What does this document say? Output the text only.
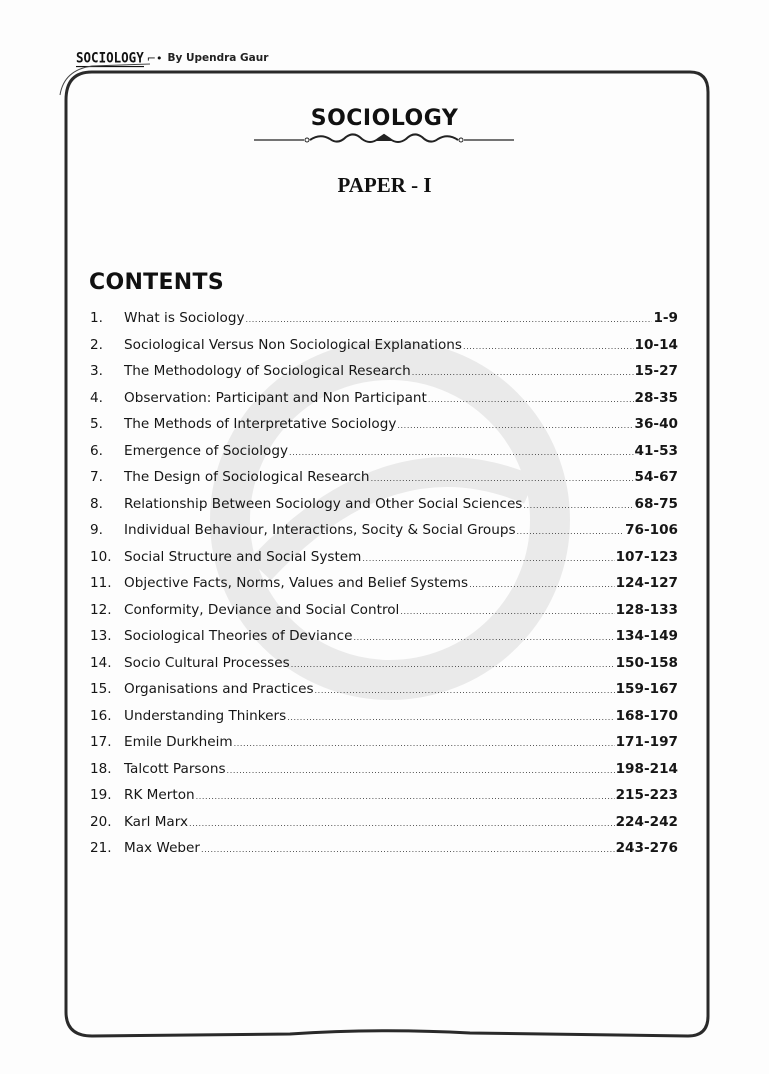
SOCIOLOGY ⌐• By Upendra Gaur
SOCIOLOGY
PAPER - I
CONTENTS
1.	What is Sociology .....	1-9
2.	Sociological Versus Non Sociological Explanations .....	10-14
3.	The Methodology of Sociological Research .....	15-27
4.	Observation: Participant and Non Participant .....	28-35
5.	The Methods of Interpretative Sociology .....	36-40
6.	Emergence of Sociology .....	41-53
7.	The Design of Sociological Research .....	54-67
8.	Relationship Between Sociology and Other Social Sciences .....	68-75
9.	Individual Behaviour, Interactions, Socity & Social Groups .....	76-106
10. Social Structure and Social System .....	107-123
11. Objective Facts, Norms, Values and Belief Systems .....	124-127
12. Conformity, Deviance and Social Control .....	128-133
13. Sociological Theories of Deviance .....	134-149
14. Socio Cultural Processes .....	150-158
15. Organisations and Practices .....	159-167
16. Understanding Thinkers .....	168-170
17. Emile Durkheim .....	171-197
18. Talcott Parsons .....	198-214
19. RK Merton .....	215-223
20. Karl Marx .....	224-242
21. Max Weber .....	243-276
